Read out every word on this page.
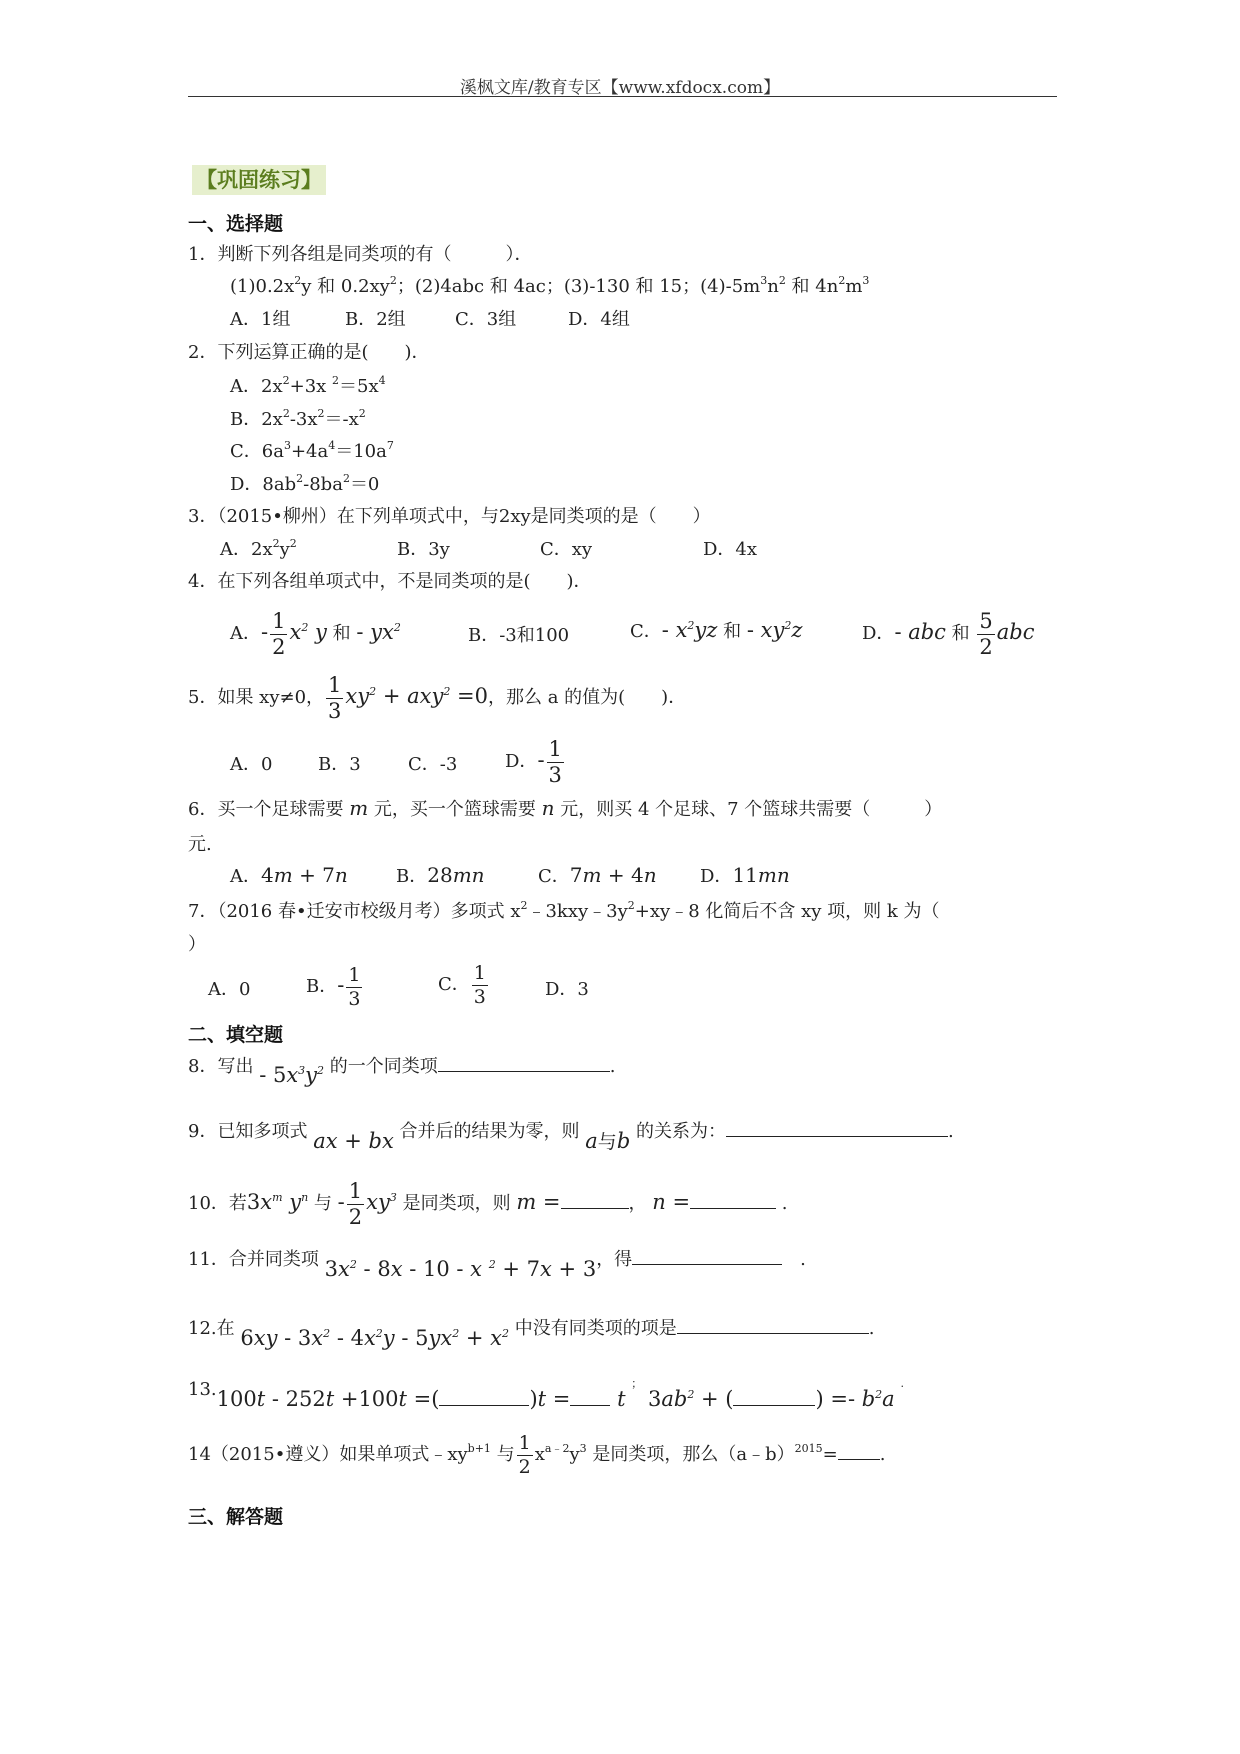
溪枫文库/教育专区【www.xfdocx.com】
【巩固练习】
一、选择题
1．判断下列各组是同类项的有（　　　）．
$(1)0.2x^2y$ 和 $0.2xy^2$；(2)4abc 和 4ac；(3)-130 和 15；$(4)-5m^3n^2$ 和 $4n^2m^3$
A．1组	B．2组	C．3组	D．4组
2．下列运算正确的是(　　)．
A．$2x^2+3x$ $^2=5x^4$
B．$2x^2-3x^2=-x^2$
C．$6a^3+4a^4=10a^7$
D．$8ab^2-8ba^2=0$
3．（2015•柳州）在下列单项式中，与2xy是同类项的是（　　）
A．$2x^2y^2$	B．3y	C．xy	D．4x
4．在下列各组单项式中，不是同类项的是(　　)．
A．- $\frac{1}{2} x^2$ y 和 - $yx^2$	B．-3和100	C．- $x^2yz$ 和 - $xy^2z$	D．- abc 和 $\frac{5}{2}$ abc
5．如果 xy≠0， $\frac{1}{3} xy^2 + axy^2 =0$，那么 a 的值为(　　)．
A．0	B．3	C．-3	D．- $\frac{1}{3}$
6．买一个足球需要 m 元，买一个篮球需要 n 元，则买 4 个足球、7 个篮球共需要（　　　）
元.
A．4m + 7n	B．28mn	C．7m + 4n D．11mn
7．（2016 春•迁安市校级月考）多项式 $x^2﹣3kxy﹣3y^2+xy﹣8$ 化简后不含 xy 项，则 k 为（
）
A．0	B．- $\frac{1}{3}$	C． $\frac{1}{3}$	D．3
二、填空题
8．写出 - $5x^3y^2$ 的一个同类项	.
9．已知多项式 ax + bx 合并后的结果为零，则 a与b 的关系为：	.
10．若$3x^m$ $y^n$ 与 - $\frac{1}{2} xy^3$ 是同类项，则 m =	， n =	.
11．合并同类项 $3x^2 - 8x - 10$ - x $^2$ + 7x + 3，得	　.
12.在 $6xy - 3x^2 - 4x^2y - 5yx^2 + x^2$ 中没有同类项的项是	.
13.100t - 252t +100t =(	)t = t ； $3ab^2$ + (	) =- $b^2a$ .
14（2015•遵义）如果单项式$﹣xy^{b+1}$ 与 $\frac{1}{2} x^{a﹣2}y^3$ 是同类项，那么（a﹣b）$^{2015}$= .
三、解答题
